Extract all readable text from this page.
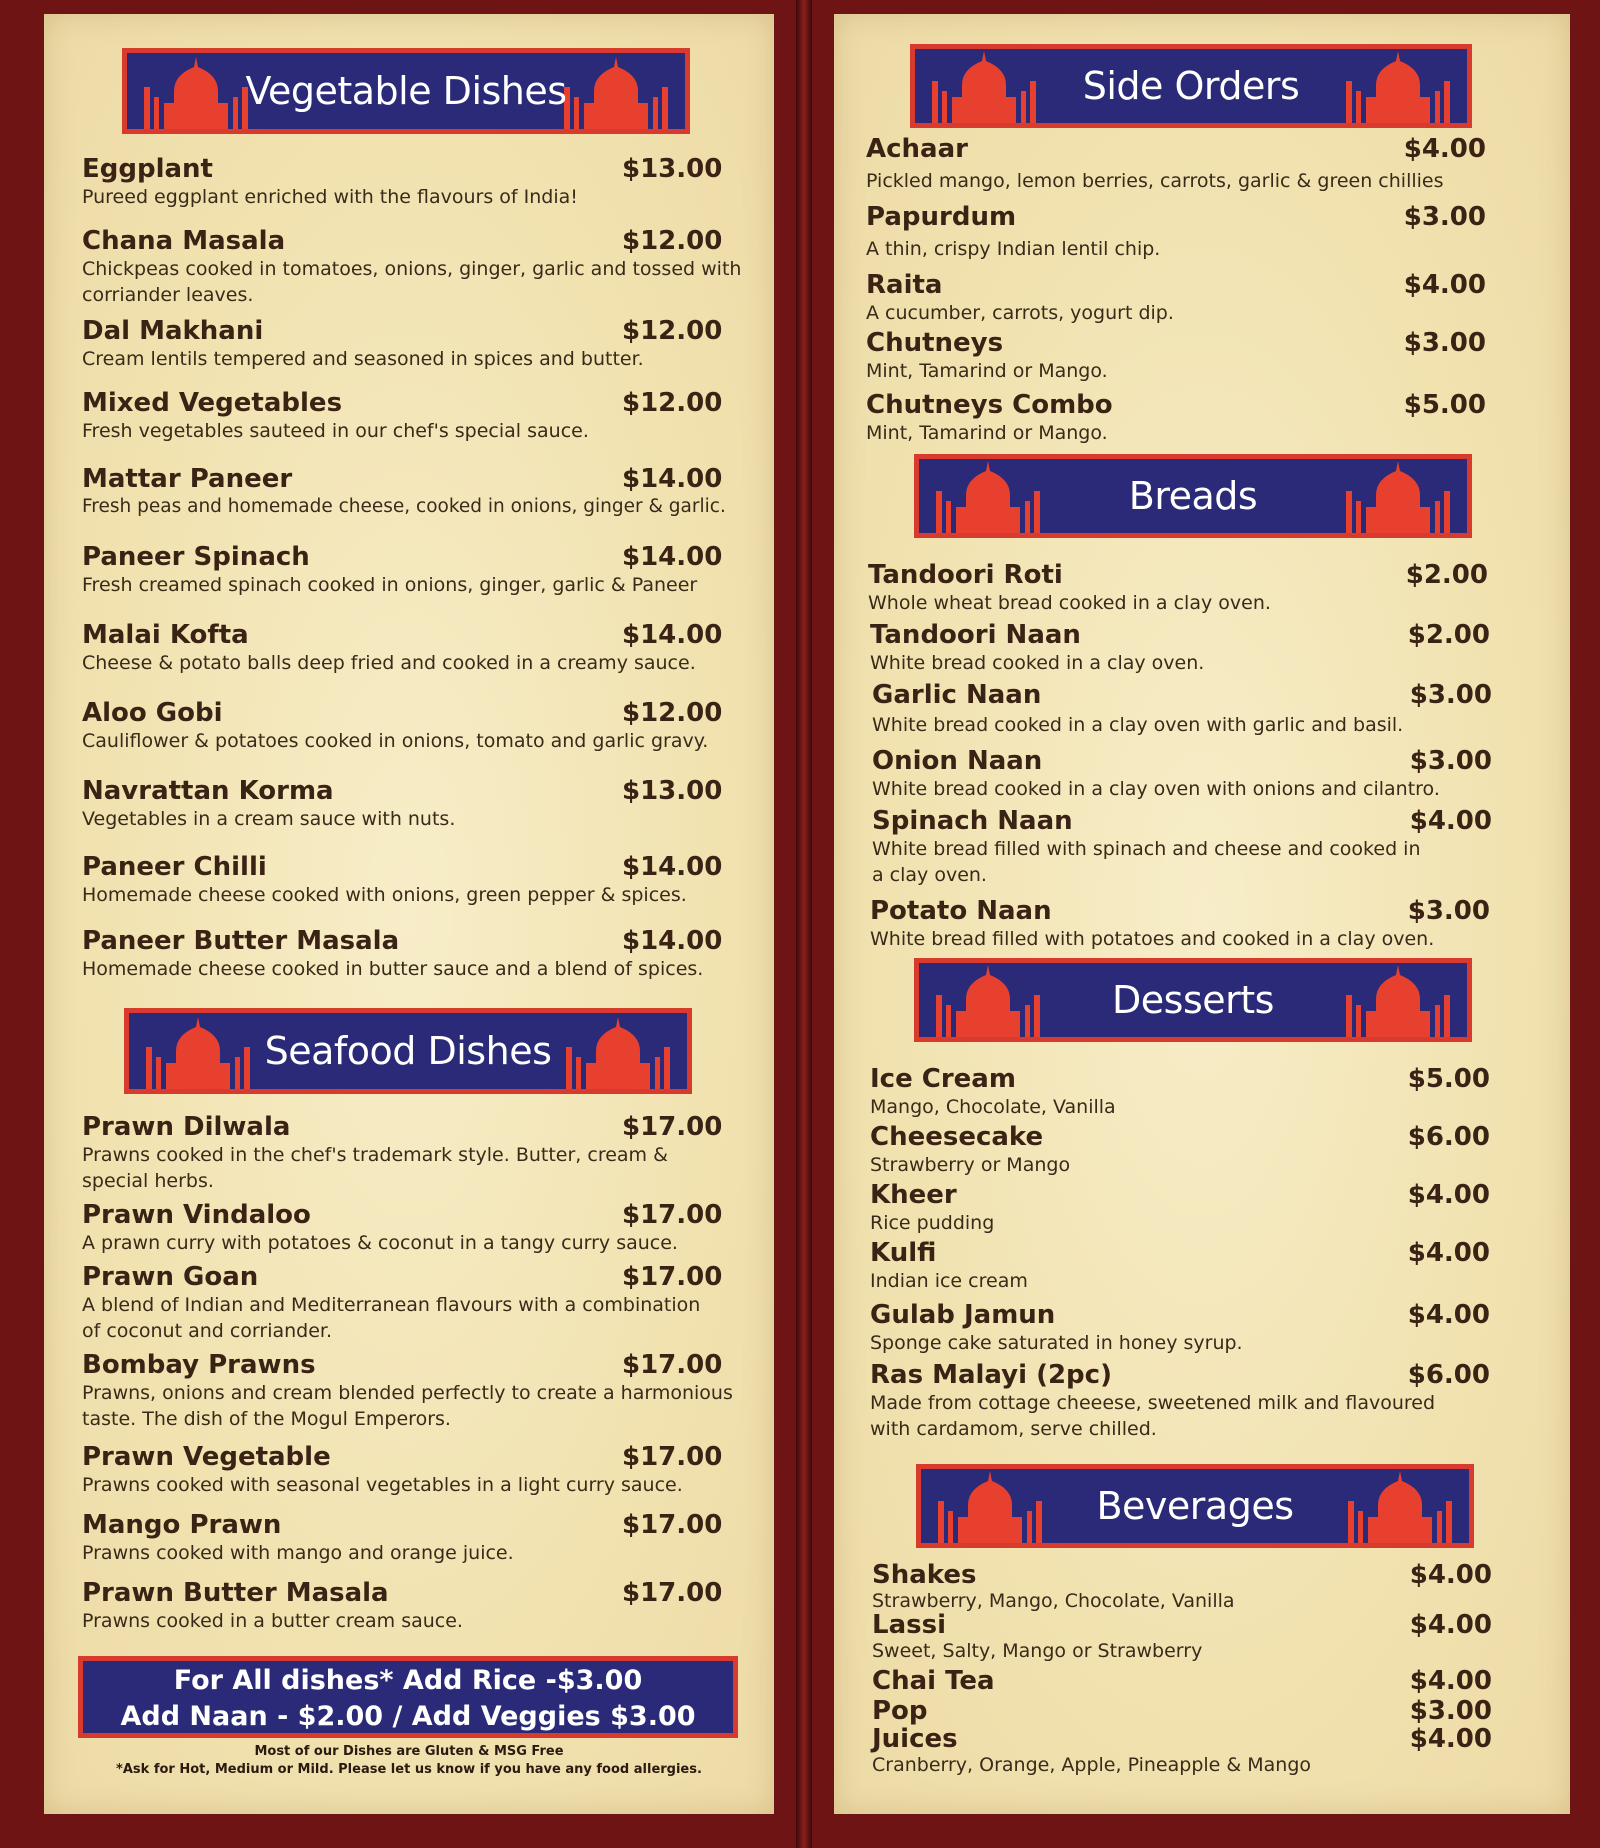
Vegetable Dishes
Seafood Dishes
Side Orders
Breads
Desserts
Beverages
Eggplant	$13.00
Pureed eggplant enriched with the flavours of India!
Chana Masala	$12.00
Chickpeas cooked in tomatoes, onions, ginger, garlic and tossed with corriander leaves.
Dal Makhani	$12.00
Cream lentils tempered and seasoned in spices and butter.
Mixed Vegetables	$12.00
Fresh vegetables sauteed in our chef's special sauce.
Mattar Paneer	$14.00
Fresh peas and homemade cheese, cooked in onions, ginger & garlic.
Paneer Spinach	$14.00
Fresh creamed spinach cooked in onions, ginger, garlic & Paneer
Malai Kofta	$14.00
Cheese & potato balls deep fried and cooked in a creamy sauce.
Aloo Gobi	$12.00
Cauliflower & potatoes cooked in onions, tomato and garlic gravy.
Navrattan Korma	$13.00
Vegetables in a cream sauce with nuts.
Paneer Chilli	$14.00
Homemade cheese cooked with onions, green pepper & spices.
Paneer Butter Masala	$14.00
Homemade cheese cooked in butter sauce and a blend of spices.
Prawn Dilwala	$17.00
Prawns cooked in the chef's trademark style. Butter, cream & special herbs.
Prawn Vindaloo	$17.00
A prawn curry with potatoes & coconut in a tangy curry sauce.
Prawn Goan	$17.00
A blend of Indian and Mediterranean flavours with a combination of coconut and corriander.
Bombay Prawns	$17.00
Prawns, onions and cream blended perfectly to create a harmonious taste. The dish of the Mogul Emperors.
Prawn Vegetable	$17.00
Prawns cooked with seasonal vegetables in a light curry sauce.
Mango Prawn	$17.00
Prawns cooked with mango and orange juice.
Prawn Butter Masala	$17.00
Prawns cooked in a butter cream sauce.
For All dishes* Add Rice -$3.00
Add Naan - $2.00 / Add Veggies $3.00
Most of our Dishes are Gluten & MSG Free
*Ask for Hot, Medium or Mild. Please let us know if you have any food allergies.
Achaar	$4.00
Pickled mango, lemon berries, carrots, garlic & green chillies
Papurdum	$3.00
A thin, crispy Indian lentil chip.
Raita	$4.00
A cucumber, carrots, yogurt dip.
Chutneys	$3.00
Mint, Tamarind or Mango.
Chutneys Combo	$5.00
Mint, Tamarind or Mango.
Tandoori Roti	$2.00
Whole wheat bread cooked in a clay oven.
Tandoori Naan	$2.00
White bread cooked in a clay oven.
Garlic Naan	$3.00
White bread cooked in a clay oven with garlic and basil.
Onion Naan	$3.00
White bread cooked in a clay oven with onions and cilantro.
Spinach Naan	$4.00
White bread filled with spinach and cheese and cooked in a clay oven.
Potato Naan	$3.00
White bread filled with potatoes and cooked in a clay oven.
Ice Cream	$5.00
Mango, Chocolate, Vanilla
Cheesecake	$6.00
Strawberry or Mango
Kheer	$4.00
Rice pudding
Kulfi	$4.00
Indian ice cream
Gulab Jamun	$4.00
Sponge cake saturated in honey syrup.
Ras Malayi (2pc)	$6.00
Made from cottage cheeese, sweetened milk and flavoured with cardamom, serve chilled.
Shakes	$4.00
Strawberry, Mango, Chocolate, Vanilla
Lassi	$4.00
Sweet, Salty, Mango or Strawberry
Chai Tea	$4.00
Pop	$3.00
Juices	$4.00
Cranberry, Orange, Apple, Pineapple & Mango
